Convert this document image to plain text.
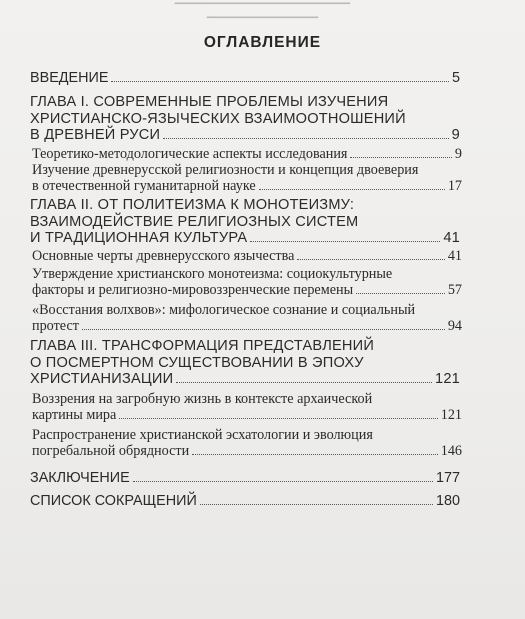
▔▔▔▔▔▔▔▔▔▔▔▔▔▔▔▔▔▔▔▔▔▔
▔▔▔▔▔▔▔▔▔▔▔▔▔▔
ОГЛАВЛЕНИЕ
ВВЕДЕНИЕ	5
ГЛАВА I. СОВРЕМЕННЫЕ ПРОБЛЕМЫ ИЗУЧЕНИЯ
ХРИСТИАНСКО-ЯЗЫЧЕСКИХ ВЗАИМООТНОШЕНИЙ
В ДРЕВНЕЙ РУСИ	9
Теоретико-методологические аспекты исследования	9
Изучение древнерусской религиозности и концепция двоеверия
в отечественной гуманитарной науке	17
ГЛАВА II. ОТ ПОЛИТЕИЗМА К МОНОТЕИЗМУ:
ВЗАИМОДЕЙСТВИЕ РЕЛИГИОЗНЫХ СИСТЕМ
И ТРАДИЦИОННАЯ КУЛЬТУРА	41
Основные черты древнерусского язычества	41
Утверждение христианского монотеизма: социокультурные
факторы и религиозно-мировоззренческие перемены	57
«Восстания волхвов»: мифологическое сознание и социальный
протест	94
ГЛАВА III. ТРАНСФОРМАЦИЯ ПРЕДСТАВЛЕНИЙ
О ПОСМЕРТНОМ СУЩЕСТВОВАНИИ В ЭПОХУ
ХРИСТИАНИЗАЦИИ	121
Воззрения на загробную жизнь в контексте архаической
картины мира	121
Распространение христианской эсхатологии и эволюция
погребальной обрядности	146
ЗАКЛЮЧЕНИЕ	177
СПИСОК СОКРАЩЕНИЙ	180
